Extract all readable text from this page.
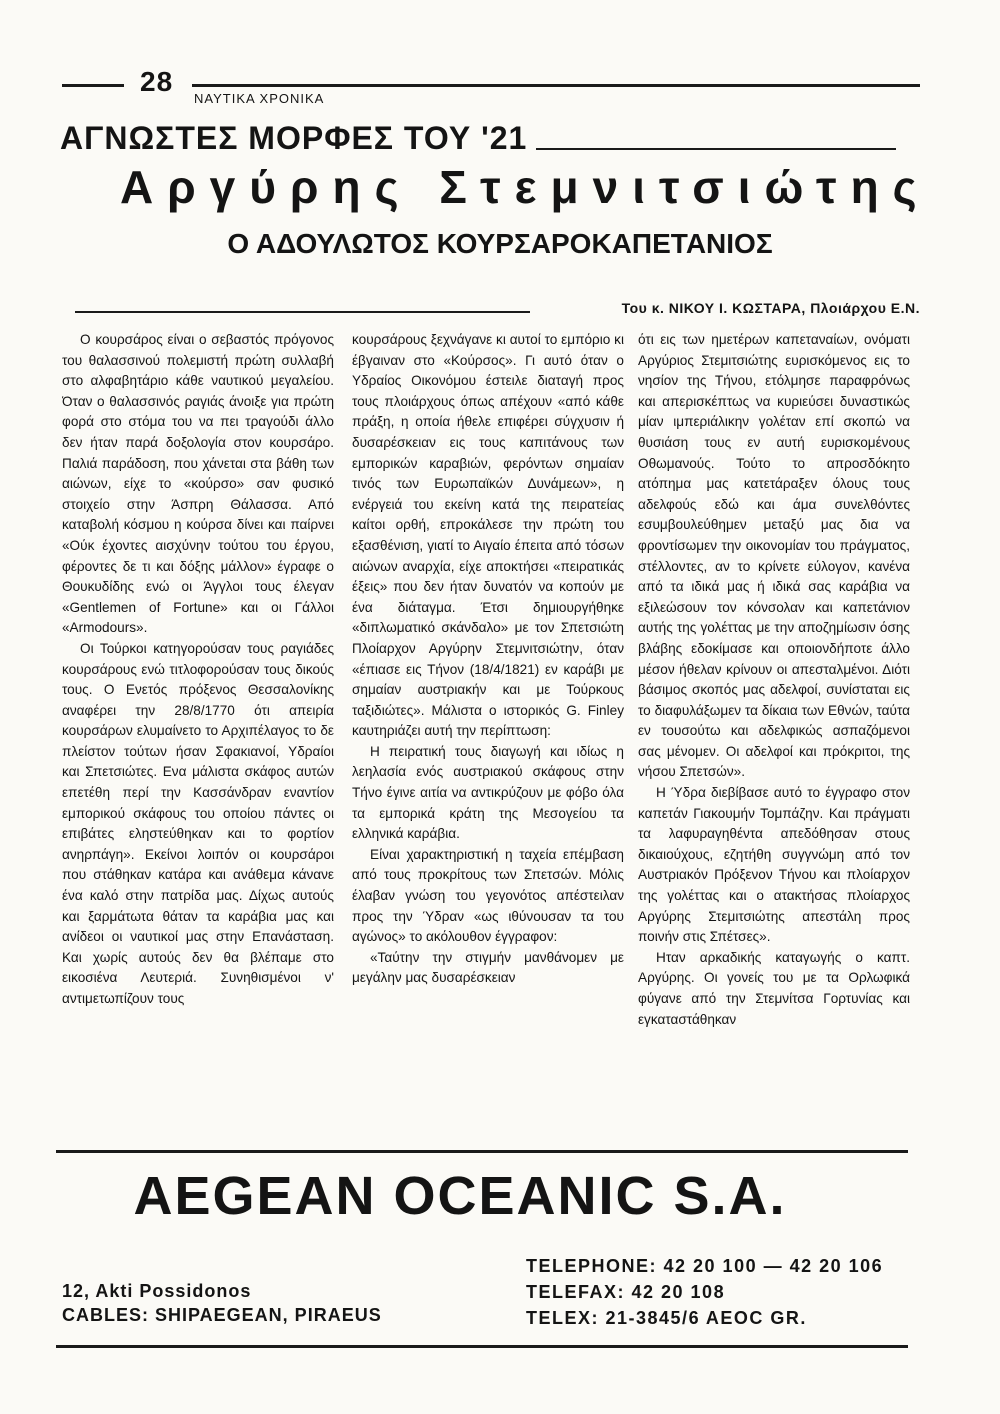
28
ΝΑΥΤΙΚΑ ΧΡΟΝΙΚΑ
ΑΓΝΩΣΤΕΣ ΜΟΡΦΕΣ ΤΟΥ '21
Αργύρης Στεμνιτσιώτης
Ο ΑΔΟΥΛΩΤΟΣ ΚΟΥΡΣΑΡΟΚΑΠΕΤΑΝΙΟΣ
Του κ. ΝΙΚΟΥ Ι. ΚΩΣΤΑΡΑ, Πλοιάρχου Ε.Ν.

Ο κουρσάρος είναι ο σεβαστός πρόγονος του θαλασσινού πολεμιστή πρώτη συλλαβή στο αλφαβητάριο κάθε ναυτικού μεγαλείου. Όταν ο θαλασσινός ραγιάς άνοιξε για πρώτη φορά στο στόμα του να πει τραγούδι άλλο δεν ήταν παρά δοξολογία στον κουρσάρο. Παλιά παράδοση, που χάνεται στα βάθη των αιώνων, είχε το «κούρσο» σαν φυσικό στοιχείο στην Άσπρη Θάλασσα. Από καταβολή κόσμου η κούρσα δίνει και παίρνει «Ούκ έχοντες αισχύνην τούτου του έργου, φέροντες δε τι και δόξης μάλλον» έγραφε ο Θουκυδίδης ενώ οι Άγγλοι τους έλεγαν «Gentlemen of Fortune» και οι Γάλλοι «Armodours».

Οι Τούρκοι κατηγορούσαν τους ραγιάδες κουρσάρους ενώ τιτλοφορούσαν τους δικούς τους. Ο Ενετός πρόξενος Θεσσαλονίκης αναφέρει την 28/8/1770 ότι απειρία κουρσάρων ελυμαίνετο το Αρχιπέλαγος το δε πλείστον τούτων ήσαν Σφακιανοί, Υδραίοι και Σπετσιώτες. Ενα μάλιστα σκάφος αυτών επετέθη περί την Κασσάνδραν εναντίον εμπορικού σκάφους του οποίου πάντες οι επιβάτες εληστεύθηκαν και το φορτίον ανηρπάγη». Εκείνοι λοιπόν οι κουρσάροι που στάθηκαν κατάρα και ανάθεμα κάνανε ένα καλό στην πατρίδα μας. Δίχως αυτούς και ξαρμάτωτα θάταν τα καράβια μας και ανίδεοι οι ναυτικοί μας στην Επανάσταση. Και χωρίς αυτούς δεν θα βλέπαμε στο εικοσιένα Λευτεριά. Συνηθισμένοι ν' αντιμετωπίζουν τους

κουρσάρους ξεχνάγανε κι αυτοί το εμπόριο κι έβγαιναν στο «Κούρσος». Γι αυτό όταν ο Υδραίος Οικονόμου έστειλε διαταγή προς τους πλοιάρχους όπως απέχουν «από κάθε πράξη, η οποία ήθελε επιφέρει σύγχυσιν ή δυσαρέσκειαν εις τους καπιτάνους των εμπορικών καραβιών, φερόντων σημαίαν τινός των Ευρωπαϊκών Δυνάμεων», η ενέργειά του εκείνη κατά της πειρατείας καίτοι ορθή, επροκάλεσε την πρώτη του εξασθένιση, γιατί το Αιγαίο έπειτα από τόσων αιώνων αναρχία, είχε αποκτήσει «πειρατικάς έξεις» που δεν ήταν δυνατόν να κοπούν με ένα διάταγμα. Έτσι δημιουργήθηκε «διπλωματικό σκάνδαλο» με τον Σπετσιώτη Πλοίαρχον Αργύρην Στεμνιτσιώτην, όταν «έπιασε εις Τήνον (18/4/1821) εν καράβι με σημαίαν αυστριακήν και με Τούρκους ταξιδιώτες». Μάλιστα ο ιστορικός G. Finley καυτηριάζει αυτή την περίπτωση:

Η πειρατική τους διαγωγή και ιδίως η λεηλασία ενός αυστριακού σκάφους στην Τήνο έγινε αιτία να αντικρύζουν με φόβο όλα τα εμπορικά κράτη της Μεσογείου τα ελληνικά καράβια.

Είναι χαρακτηριστική η ταχεία επέμβαση από τους προκρίτους των Σπετσών. Μόλις έλαβαν γνώση του γεγονότος απέστειλαν προς την Ύδραν «ως ιθύνουσαν τα του αγώνος» το ακόλουθον έγγραφον:

«Ταύτην την στιγμήν μανθάνομεν με μεγάλην μας δυσαρέσκειαν

ότι εις των ημετέρων καπεταναίων, ονόματι Αργύριος Στεμιτσιώτης ευρισκόμενος εις το νησίον της Τήνου, ετόλμησε παραφρόνως και απερισκέπτως να κυριεύσει δυναστικώς μίαν ιμπεριάλικην γολέταν επί σκοπώ να θυσιάση τους εν αυτή ευρισκομένους Οθωμανούς. Τούτο το απροσδόκητο ατόπημα μας κατετάραξεν όλους τους αδελφούς εδώ και άμα συνελθόντες εσυμβουλεύθημεν μεταξύ μας δια να φροντίσωμεν την οικονομίαν του πράγματος, στέλλοντες, αν το κρίνετε εύλογον, κανένα από τα ιδικά μας ή ιδικά σας καράβια να εξιλεώσουν τον κόνσολαν και καπετάνιον αυτής της γολέττας με την αποζημίωσιν όσης βλάβης εδοκίμασε και οποιονδήποτε άλλο μέσον ήθελαν κρίνουν οι απεσταλμένοι. Διότι βάσιμος σκοπός μας αδελφοί, συνίσταται εις το διαφυλάξωμεν τα δίκαια των Εθνών, ταύτα εν τουσούτω και αδελφικώς ασπαζόμενοι σας μένομεν. Οι αδελφοί και πρόκριτοι, της νήσου Σπετσών».

Η Ύδρα διεβίβασε αυτό το έγγραφο στον καπετάν Γιακουμήν Τομπάζην. Και πράγματι τα λαφυραγηθέντα απεδόθησαν στους δικαιούχους, εζητήθη συγγνώμη από τον Αυστριακόν Πρόξενον Τήνου και πλοίαρχον της γολέττας και ο ατακτήσας πλοίαρχος Αργύρης Στεμιτσιώτης απεστάλη προς ποινήν στις Σπέτσες».

Ηταν αρκαδικής καταγωγής ο καπτ. Αργύρης. Οι γονείς του με τα Ορλωφικά φύγανε από την Στεμνίτσα Γορτυνίας και εγκαταστάθηκαν

AEGEAN OCEANIC S.A.
12, Akti Possidonos
CABLES: SHIPAEGEAN, PIRAEUS
TELEPHONE: 42 20 100 — 42 20 106
TELEFAX: 42 20 108
TELEX: 21-3845/6 AEOC GR.
